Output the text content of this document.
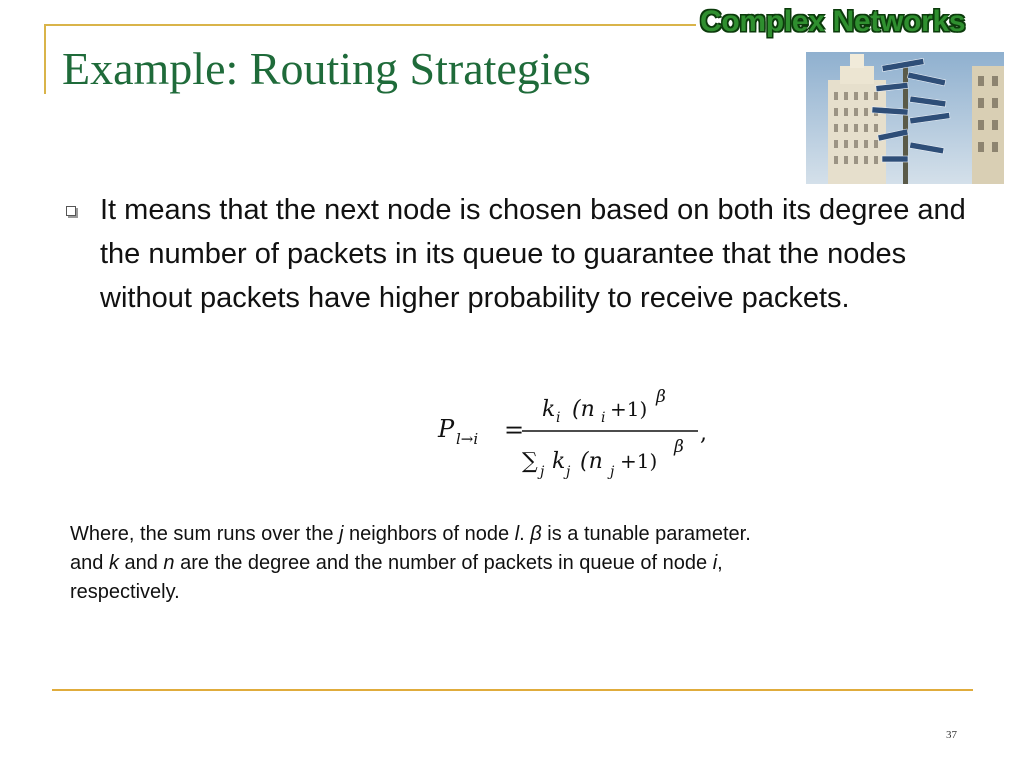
Example: Routing Strategies
Complex Networks
It means that the next node is chosen based on both its degree and the number of packets in its queue to guarantee that the nodes without packets have higher probability to receive packets.
P l→i =
k i (n i +1) β
∑ j k j (n j +1)
β
,
Where, the sum runs over the j neighbors of node l. β is a tunable parameter.
and k and n are the degree and the number of packets in queue of node i,
respectively.
37
